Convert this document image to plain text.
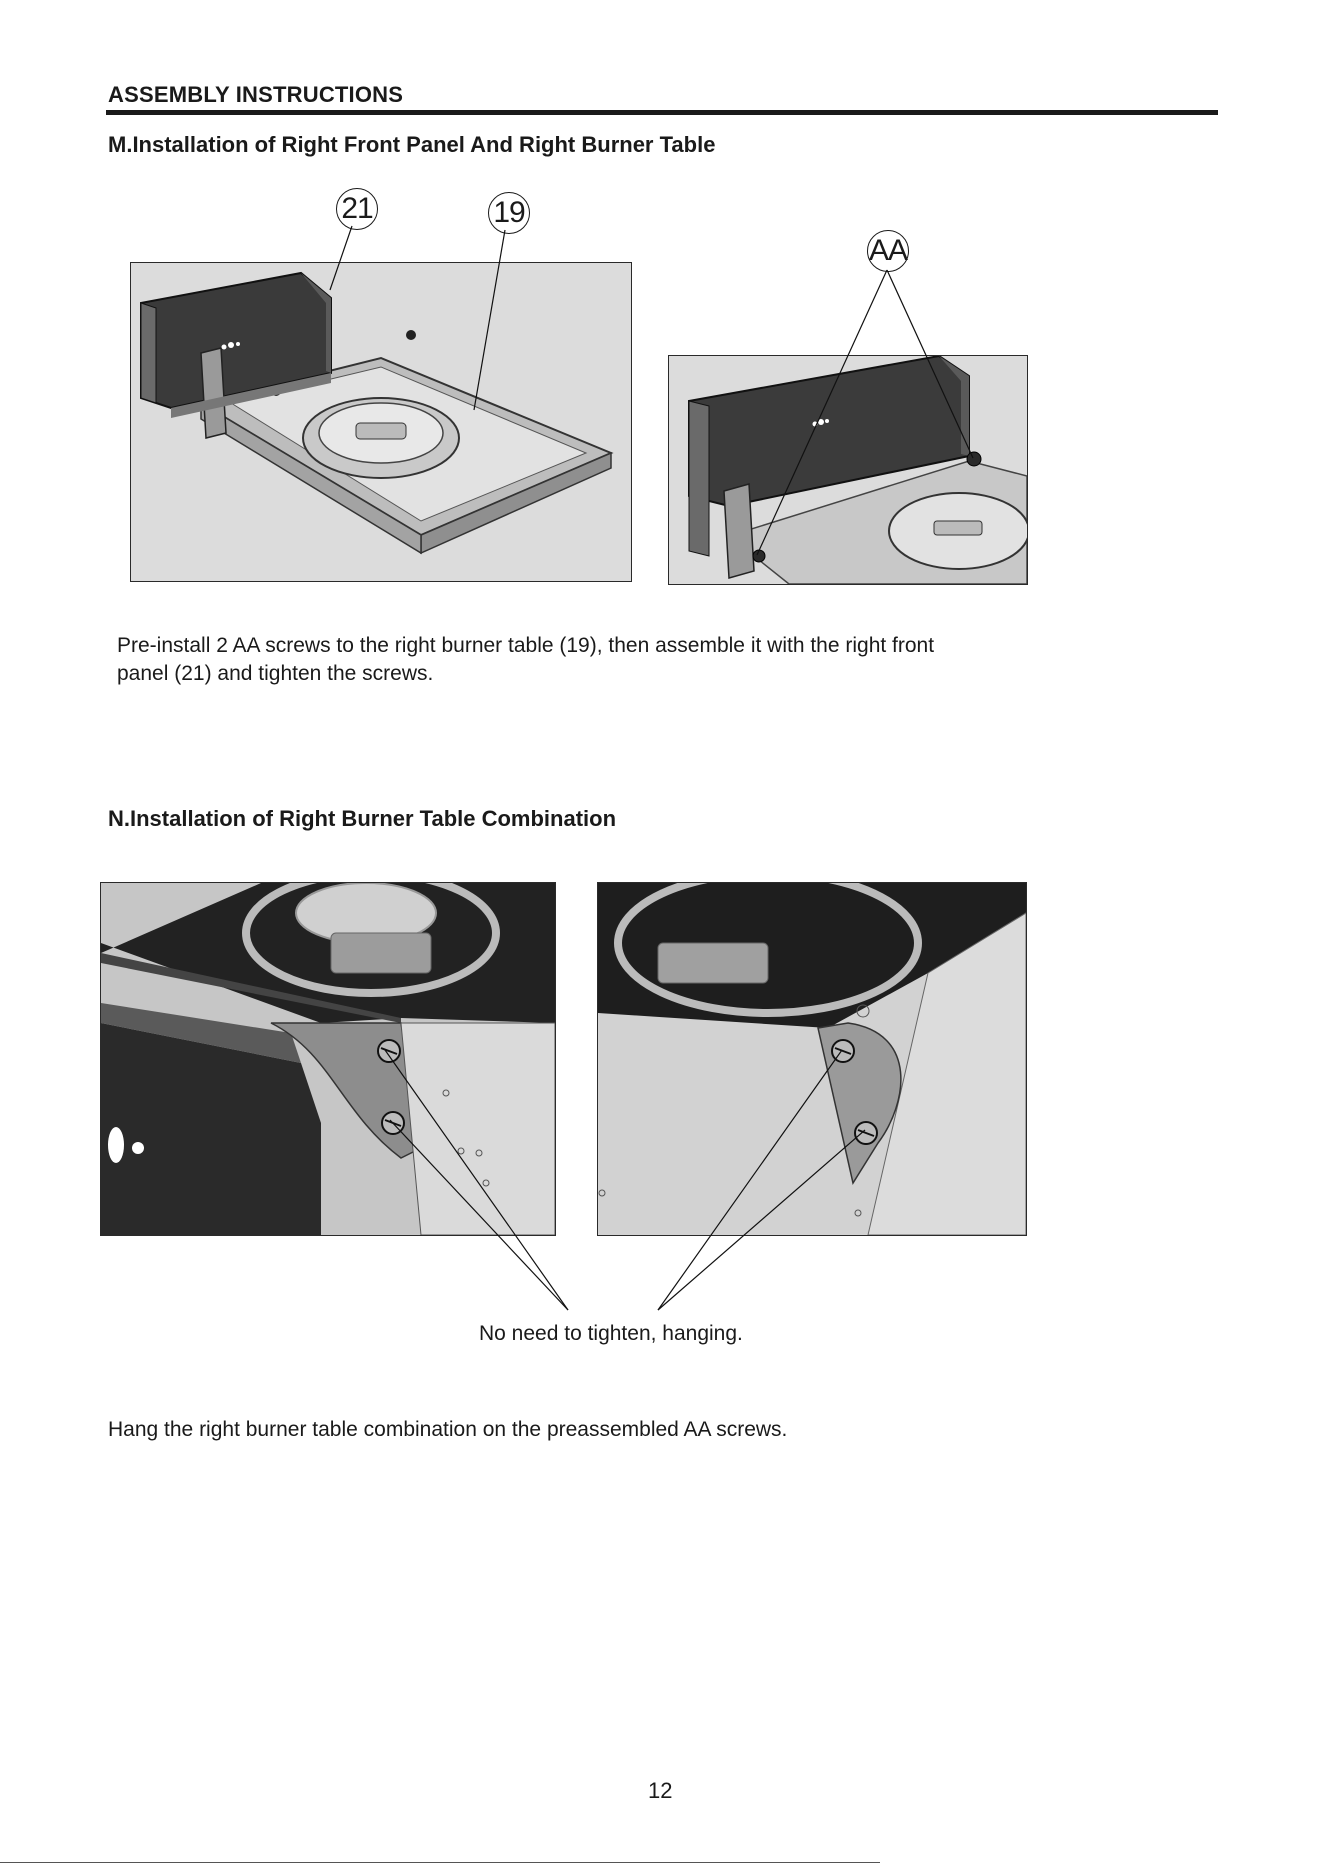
ASSEMBLY INSTRUCTIONS
M.Installation of Right Front Panel And Right Burner Table
21	19
AA
Pre-install 2 AA screws to the right burner table (19), then assemble it with the right front
panel (21) and tighten the screws.
N.Installation of Right Burner Table Combination
No need to tighten, hanging.
Hang the right burner table combination on the preassembled AA screws.
12
